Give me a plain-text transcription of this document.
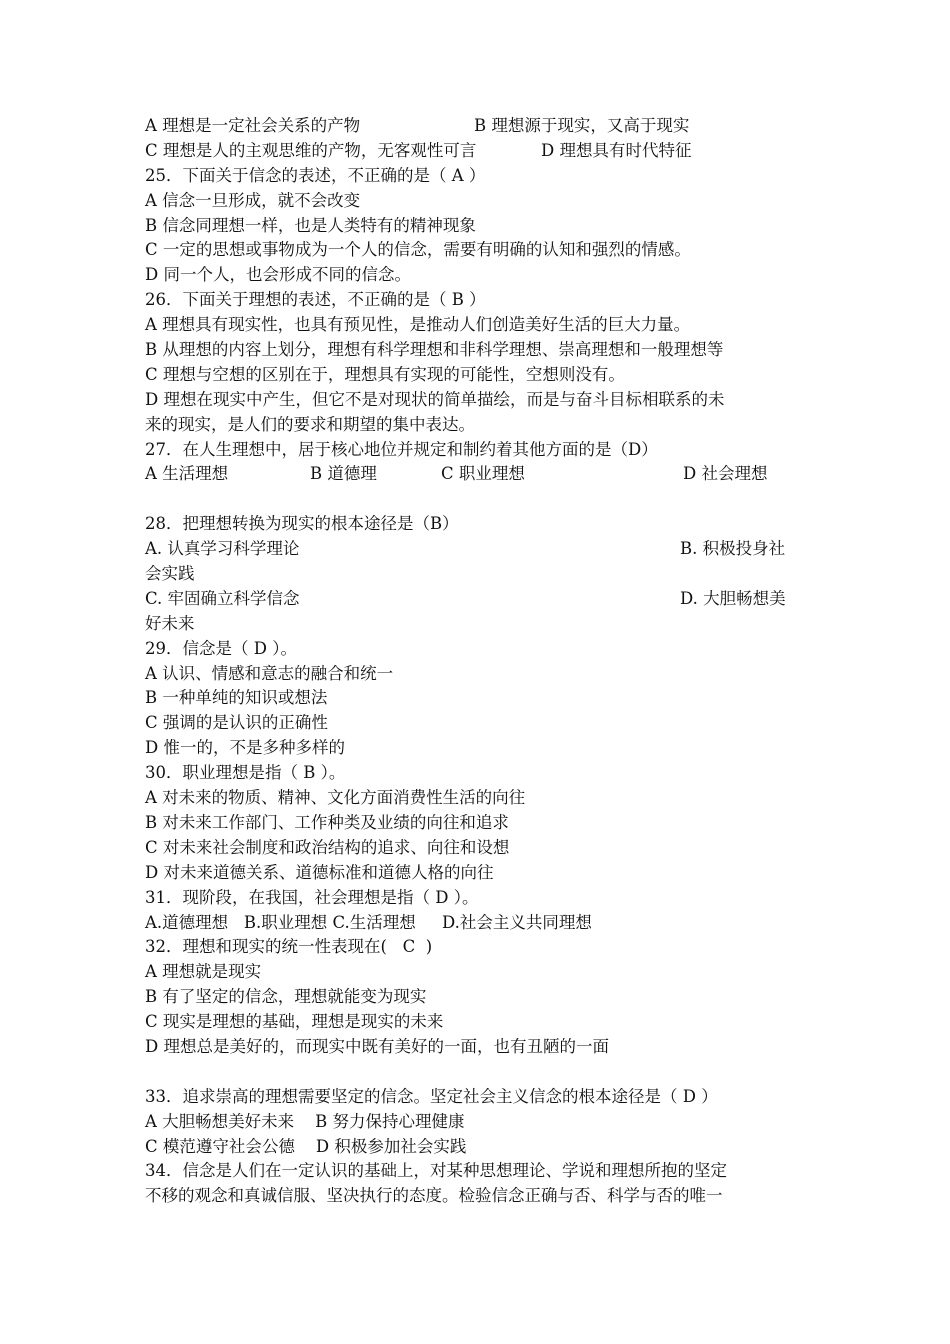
A 理想是一定社会关系的产物	B 理想源于现实，又高于现实
C 理想是人的主观思维的产物，无客观性可言	D 理想具有时代特征
25．下面关于信念的表述，不正确的是（ A ）
A 信念一旦形成，就不会改变
B 信念同理想一样，也是人类特有的精神现象
C 一定的思想或事物成为一个人的信念，需要有明确的认知和强烈的情感。
D 同一个人，也会形成不同的信念。
26．下面关于理想的表述，不正确的是（ B ）
A 理想具有现实性，也具有预见性，是推动人们创造美好生活的巨大力量。
B 从理想的内容上划分，理想有科学理想和非科学理想、崇高理想和一般理想等
C 理想与空想的区别在于，理想具有实现的可能性，空想则没有。
D 理想在现实中产生，但它不是对现状的简单描绘，而是与奋斗目标相联系的未
来的现实，是人们的要求和期望的集中表达。
27．在人生理想中，居于核心地位并规定和制约着其他方面的是（D）
A 生活理想	B 道德理	C 职业理想	D 社会理想
28．把理想转换为现实的根本途径是（B）
A. 认真学习科学理论	B. 积极投身社
会实践
C. 牢固确立科学信念	D. 大胆畅想美
好未来
29．信念是（ D ）。
A 认识、情感和意志的融合和统一
B 一种单纯的知识或想法
C 强调的是认识的正确性
D 惟一的，不是多种多样的
30．职业理想是指（ B ）。
A 对未来的物质、精神、文化方面消费性生活的向往
B 对未来工作部门、工作种类及业绩的向往和追求
C 对未来社会制度和政治结构的追求、向往和设想
D 对未来道德关系、道德标准和道德人格的向往
31．现阶段，在我国，社会理想是指（ D ）。
A.道德理想   B.职业理想 C.生活理想     D.社会主义共同理想
32．理想和现实的统一性表现在(   C  )
A 理想就是现实
B 有了坚定的信念，理想就能变为现实
C 现实是理想的基础，理想是现实的未来
D 理想总是美好的，而现实中既有美好的一面，也有丑陋的一面
33．追求崇高的理想需要坚定的信念。坚定社会主义信念的根本途径是（ D ）
A 大胆畅想美好未来    B 努力保持心理健康
C 模范遵守社会公德    D 积极参加社会实践
34．信念是人们在一定认识的基础上，对某种思想理论、学说和理想所抱的坚定
不移的观念和真诚信服、坚决执行的态度。检验信念正确与否、科学与否的唯一
